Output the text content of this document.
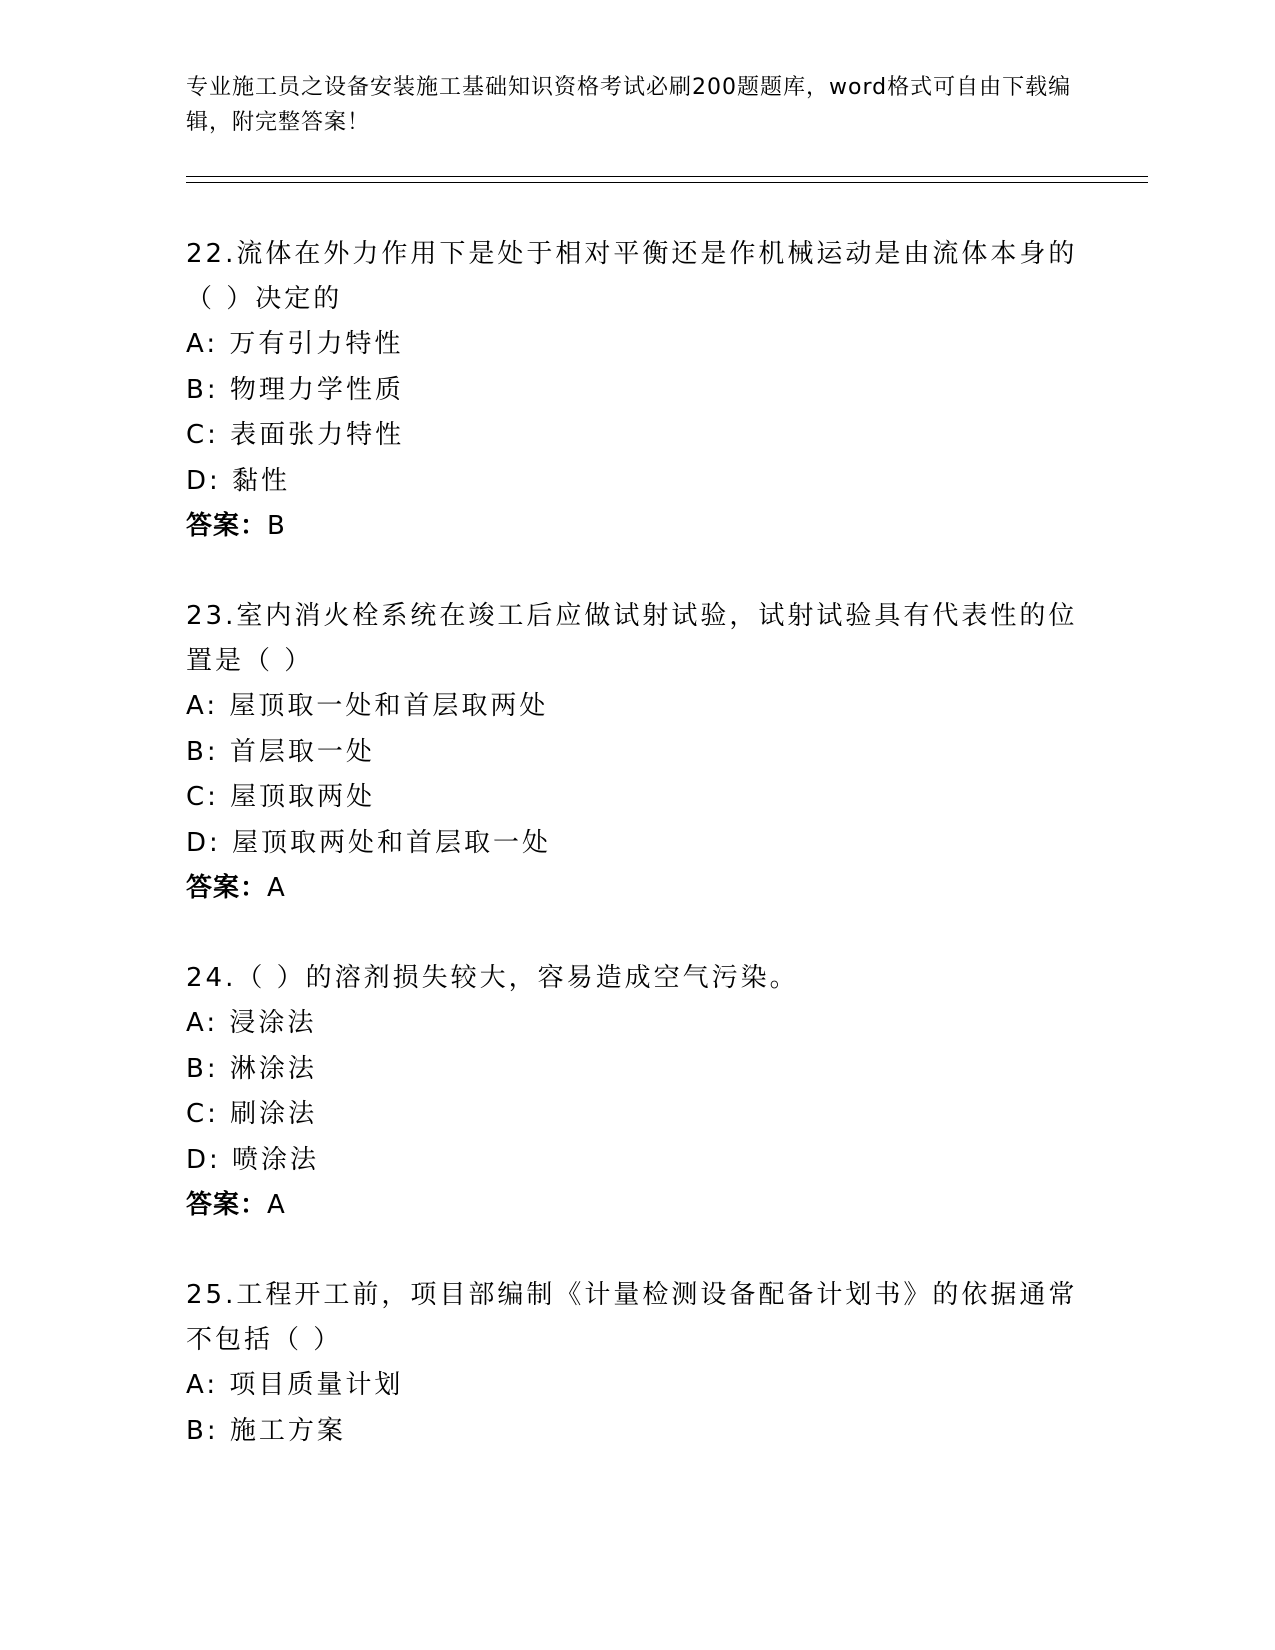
专业施工员之设备安装施工基础知识资格考试必刷200题题库，word格式可自由下载编辑，附完整答案！
22.流体在外力作用下是处于相对平衡还是作机械运动是由流体本身的（ ）决定的
A: 万有引力特性
B: 物理力学性质
C: 表面张力特性
D: 黏性
答案：B
23.室内消火栓系统在竣工后应做试射试验，试射试验具有代表性的位置是（ ）
A: 屋顶取一处和首层取两处
B: 首层取一处
C: 屋顶取两处
D: 屋顶取两处和首层取一处
答案：A
24.（ ）的溶剂损失较大，容易造成空气污染。
A: 浸涂法
B: 淋涂法
C: 刷涂法
D: 喷涂法
答案：A
25.工程开工前，项目部编制《计量检测设备配备计划书》的依据通常不包括（ ）
A: 项目质量计划
B: 施工方案
